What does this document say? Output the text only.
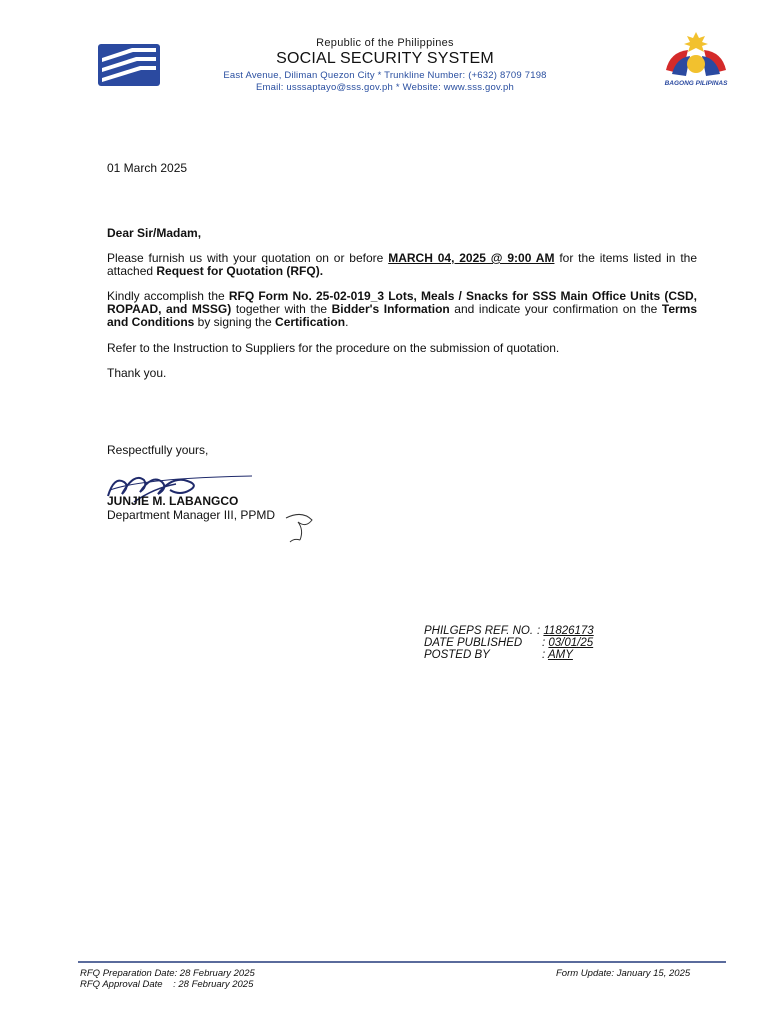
Republic of the Philippines
SOCIAL SECURITY SYSTEM
East Avenue, Diliman Quezon City * Trunkline Number: (+632) 8709 7198
Email: usssaptayo@sss.gov.ph * Website: www.sss.gov.ph	BAGONG PILIPINAS
01 March 2025
Dear Sir/Madam,
Please furnish us with your quotation on or before MARCH 04, 2025 @ 9:00 AM for the items listed in the attached Request for Quotation (RFQ).
Kindly accomplish the RFQ Form No. 25-02-019_3 Lots, Meals / Snacks for SSS Main Office Units (CSD, ROPAAD, and MSSG) together with the Bidder's Information and indicate your confirmation on the Terms and Conditions by signing the Certification.
Refer to the Instruction to Suppliers for the procedure on the submission of quotation.
Thank you.
Respectfully yours,
JUNJIE M. LABANGCO
Department Manager III, PPMD
PHILGEPS REF. NO. : 11826173
DATE PUBLISHED : 03/01/25
POSTED BY	: AMY
RFQ Preparation Date: 28 February 2025
RFQ Approval Date    : 28 February 2025
Form Update: January 15, 2025
